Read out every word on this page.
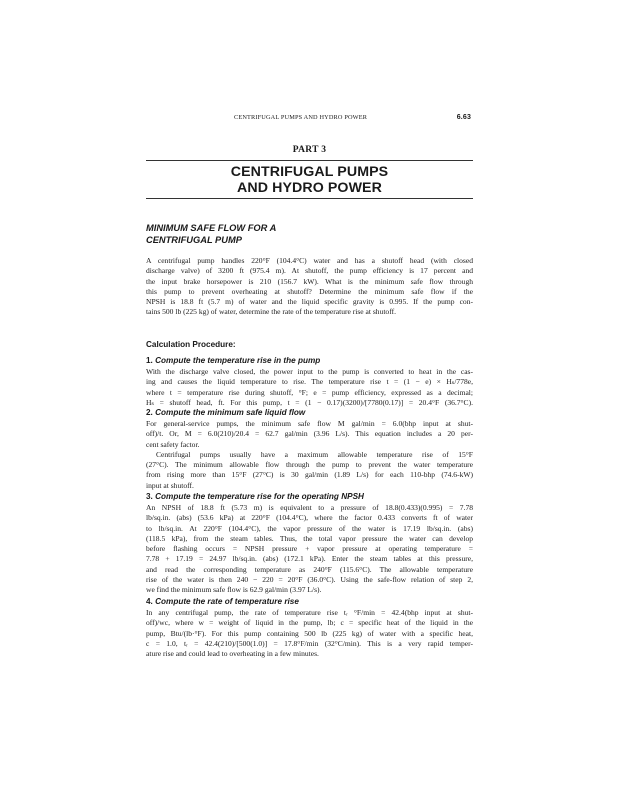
CENTRIFUGAL PUMPS AND HYDRO POWER	6.63
PART 3
CENTRIFUGAL PUMPS
AND HYDRO POWER
MINIMUM SAFE FLOW FOR A
CENTRIFUGAL PUMP
A centrifugal pump handles 220°F (104.4°C) water and has a shutoff head (with closed
discharge valve) of 3200 ft (975.4 m). At shutoff, the pump efficiency is 17 percent and
the input brake horsepower is 210 (156.7 kW). What is the minimum safe flow through
this pump to prevent overheating at shutoff? Determine the minimum safe flow if the
NPSH is 18.8 ft (5.7 m) of water and the liquid specific gravity is 0.995. If the pump con-
tains 500 lb (225 kg) of water, determine the rate of the temperature rise at shutoff.
Calculation Procedure:
1. Compute the temperature rise in the pump
With the discharge valve closed, the power input to the pump is converted to heat in the cas-
ing and causes the liquid temperature to rise. The temperature rise t = (1 − e) × Hₛ/778e,
where t = temperature rise during shutoff, °F; e = pump efficiency, expressed as a decimal;
Hₛ = shutoff head, ft. For this pump, t = (1 − 0.17)(3200)/[7780(0.17)] = 20.4°F (36.7°C).
2. Compute the minimum safe liquid flow
For general-service pumps, the minimum safe flow M gal/min = 6.0(bhp input at shut-
off)/t. Or, M = 6.0(210)/20.4 = 62.7 gal/min (3.96 L/s). This equation includes a 20 per-
cent safety factor.
Centrifugal pumps usually have a maximum allowable temperature rise of 15°F
(27°C). The minimum allowable flow through the pump to prevent the water temperature
from rising more than 15°F (27°C) is 30 gal/min (1.89 L/s) for each 110-bhp (74.6-kW)
input at shutoff.
3. Compute the temperature rise for the operating NPSH
An NPSH of 18.8 ft (5.73 m) is equivalent to a pressure of 18.8(0.433)(0.995) = 7.78
lb/sq.in. (abs) (53.6 kPa) at 220°F (104.4°C), where the factor 0.433 converts ft of water
to lb/sq.in. At 220°F (104.4°C), the vapor pressure of the water is 17.19 lb/sq.in. (abs)
(118.5 kPa), from the steam tables. Thus, the total vapor pressure the water can develop
before flashing occurs = NPSH pressure + vapor pressure at operating temperature =
7.78 + 17.19 = 24.97 lb/sq.in. (abs) (172.1 kPa). Enter the steam tables at this pressure,
and read the corresponding temperature as 240°F (115.6°C). The allowable temperature
rise of the water is then 240 − 220 = 20°F (36.0°C). Using the safe-flow relation of step 2,
we find the minimum safe flow is 62.9 gal/min (3.97 L/s).
4. Compute the rate of temperature rise
In any centrifugal pump, the rate of temperature rise tᵣ °F/min = 42.4(bhp input at shut-
off)/wc, where w = weight of liquid in the pump, lb; c = specific heat of the liquid in the
pump, Btu/(lb·°F). For this pump containing 500 lb (225 kg) of water with a specific heat,
c = 1.0, tᵣ = 42.4(210)/[500(1.0)] = 17.8°F/min (32°C/min). This is a very rapid temper-
ature rise and could lead to overheating in a few minutes.
